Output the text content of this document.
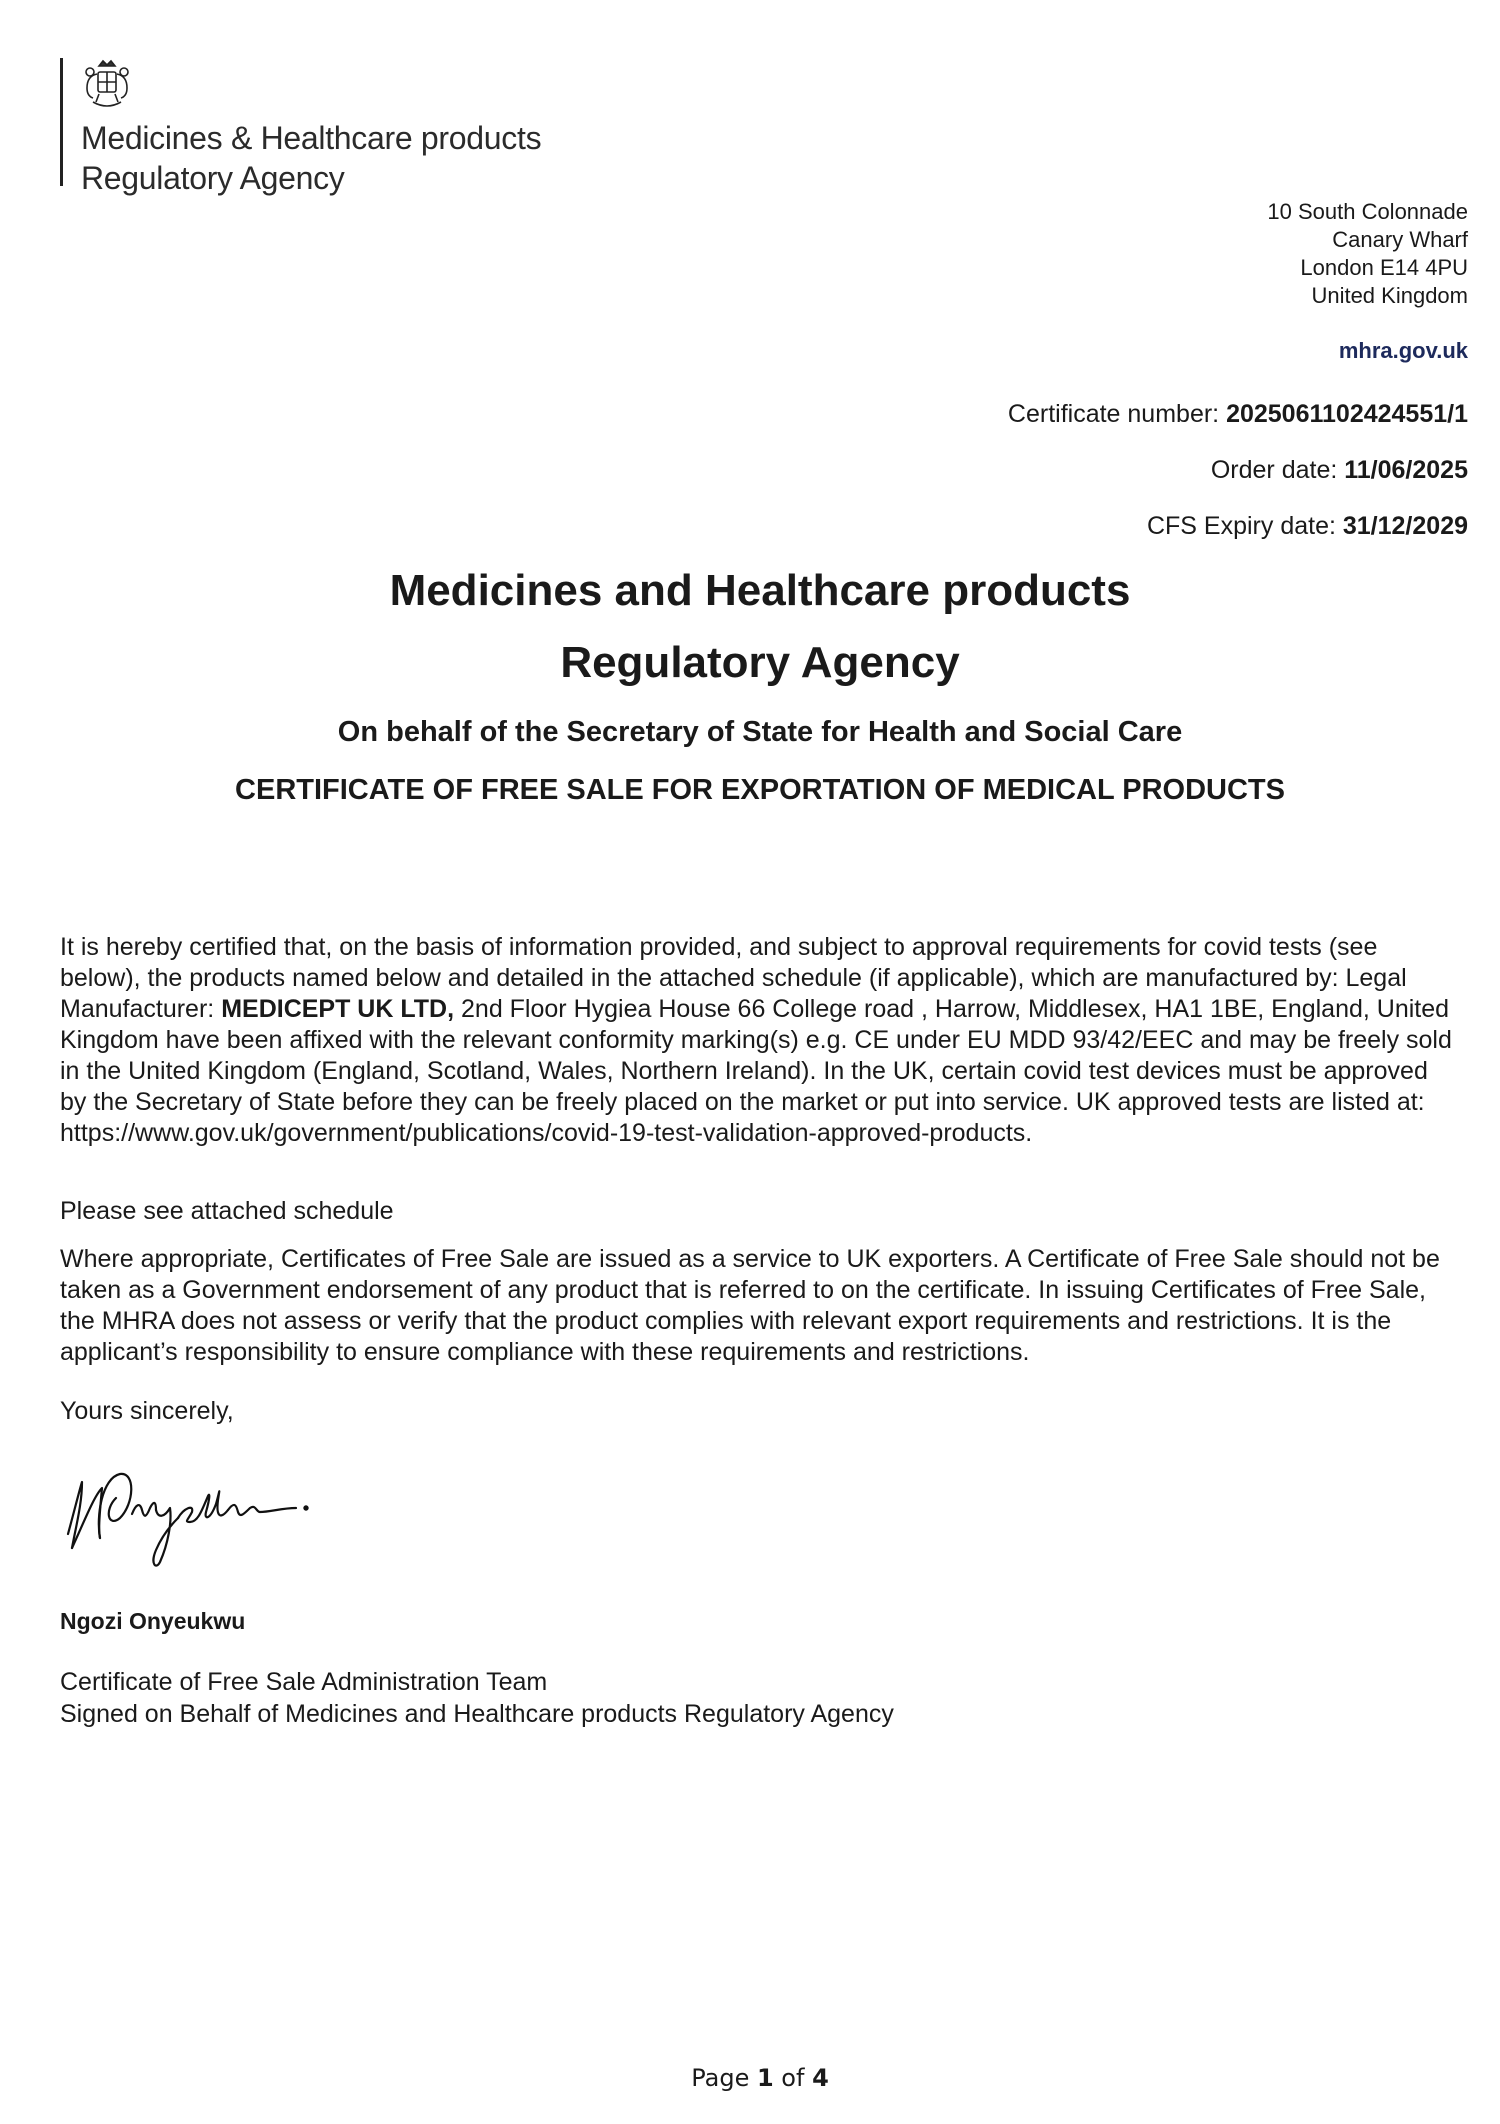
Medicines & Healthcare products
Regulatory Agency
10 South Colonnade
Canary Wharf
London E14 4PU
United Kingdom
mhra.gov.uk
Certificate number: 2025061102424551/1
Order date: 11/06/2025
CFS Expiry date: 31/12/2029
Medicines and Healthcare products
Regulatory Agency
On behalf of the Secretary of State for Health and Social Care
CERTIFICATE OF FREE SALE FOR EXPORTATION OF MEDICAL PRODUCTS
It is hereby certified that, on the basis of information provided, and subject to approval requirements for covid tests (see below), the products named below and detailed in the attached schedule (if applicable), which are manufactured by: Legal Manufacturer: MEDICEPT UK LTD, 2nd Floor Hygiea House 66 College road , Harrow, Middlesex, HA1 1BE, England, United Kingdom have been affixed with the relevant conformity marking(s) e.g. CE under EU MDD 93/42/EEC and may be freely sold in the United Kingdom (England, Scotland, Wales, Northern Ireland). In the UK, certain covid test devices must be approved by the Secretary of State before they can be freely placed on the market or put into service. UK approved tests are listed at: https://www.gov.uk/government/publications/covid-19-test-validation-approved-products.
Please see attached schedule
Where appropriate, Certificates of Free Sale are issued as a service to UK exporters. A Certificate of Free Sale should not be taken as a Government endorsement of any product that is referred to on the certificate. In issuing Certificates of Free Sale, the MHRA does not assess or verify that the product complies with relevant export requirements and restrictions. It is the applicant’s responsibility to ensure compliance with these requirements and restrictions.
Yours sincerely,
Ngozi Onyeukwu
Certificate of Free Sale Administration Team
Signed on Behalf of Medicines and Healthcare products Regulatory Agency
Page 1 of 4
